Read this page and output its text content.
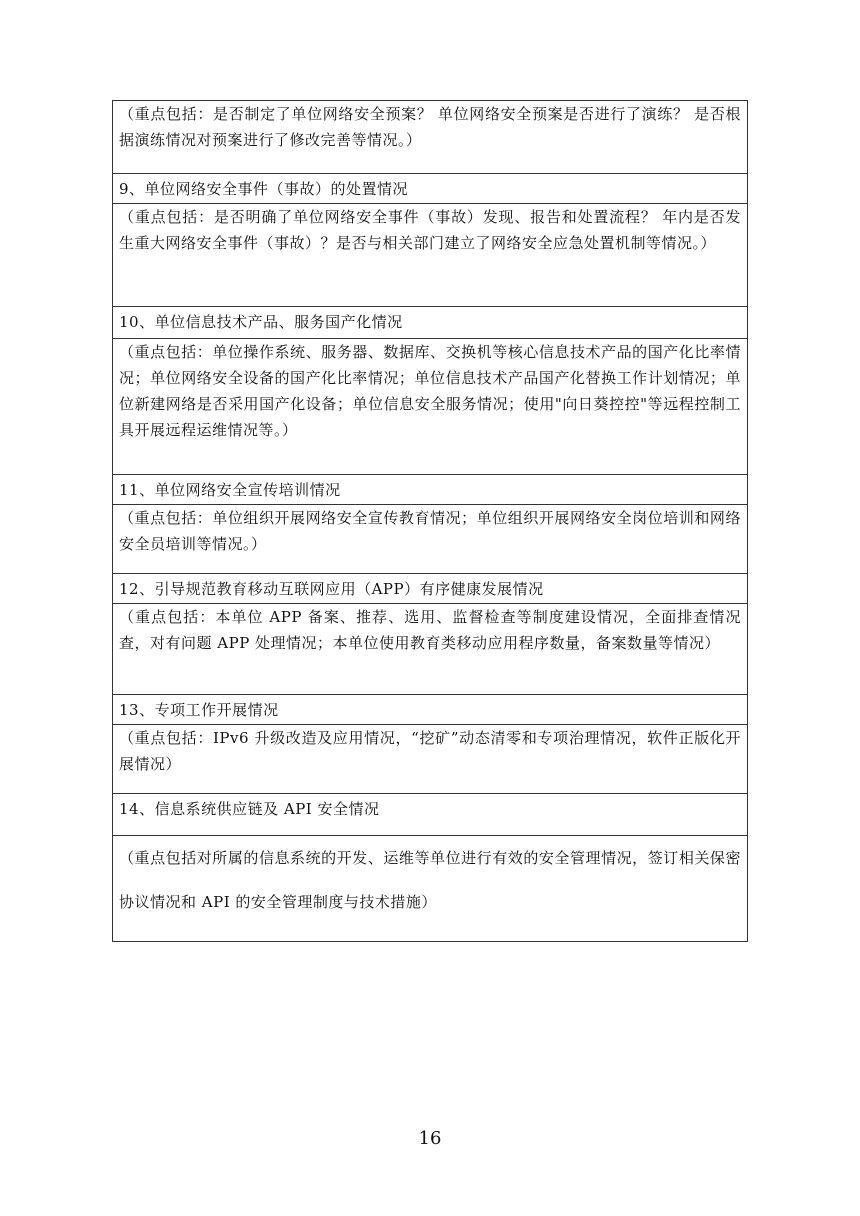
（重点包括：是否制定了单位网络安全预案？ 单位网络安全预案是否进行了演练？ 是否根据演练情况对预案进行了修改完善等情况。）
9、单位网络安全事件（事故）的处置情况
（重点包括：是否明确了单位网络安全事件（事故）发现、报告和处置流程？ 年内是否发生重大网络安全事件（事故）？是否与相关部门建立了网络安全应急处置机制等情况。）
10、单位信息技术产品、服务国产化情况
（重点包括：单位操作系统、服务器、数据库、交换机等核心信息技术产品的国产化比率情况；单位网络安全设备的国产化比率情况；单位信息技术产品国产化替换工作计划情况；单位新建网络是否采用国产化设备；单位信息安全服务情况；使用"向日葵控控"等远程控制工具开展远程运维情况等。）
11、单位网络安全宣传培训情况
（重点包括：单位组织开展网络安全宣传教育情况；单位组织开展网络安全岗位培训和网络安全员培训等情况。）
12、引导规范教育移动互联网应用（APP）有序健康发展情况
（重点包括：本单位 APP 备案、推荐、选用、监督检查等制度建设情况，全面排查情况查，对有问题 APP 处理情况；本单位使用教育类移动应用程序数量，备案数量等情况）
13、专项工作开展情况
（重点包括：IPv6 升级改造及应用情况，“挖矿”动态清零和专项治理情况，软件正版化开展情况）
14、信息系统供应链及 API 安全情况
（重点包括对所属的信息系统的开发、运维等单位进行有效的安全管理情况，签订相关保密协议情况和 API 的安全管理制度与技术措施）
16
